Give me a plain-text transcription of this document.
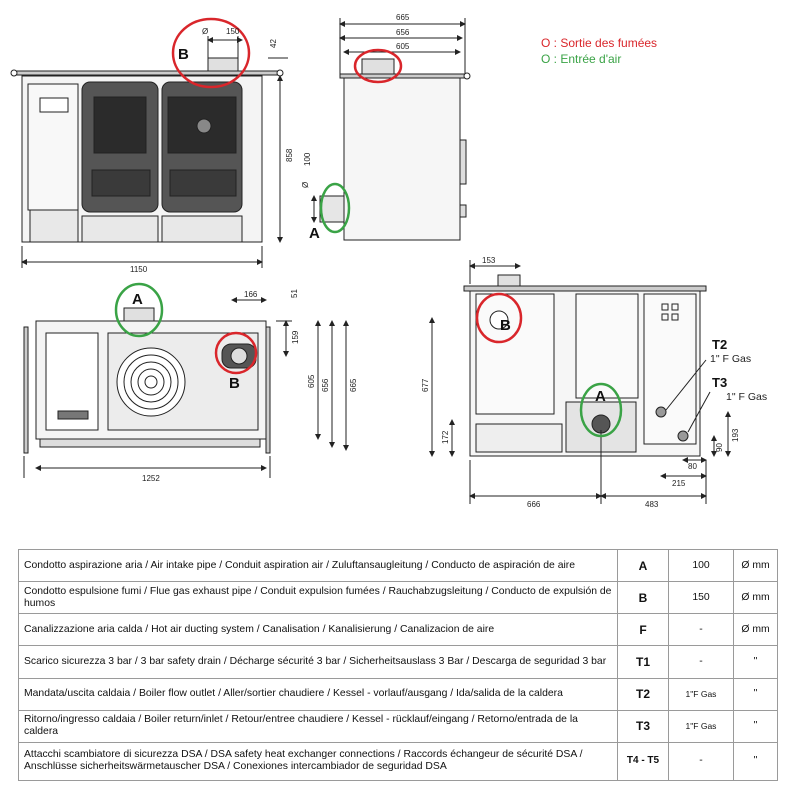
Ø 150
42
858
1150
B
665
656
605
Ø
100
A
O : Sortie des fumées
O : Entrée d'air
166	51
159
605 656 665
1252
A
B
153
677
172
666	483
215
80
90
193
B
A
T2
1" F Gas
T3
1" F Gas
Condotto aspirazione aria / Air intake pipe / Conduit aspiration air / Zuluftansaugleitung / Conducto de aspiración de aire	A	100	Ø mm
Condotto espulsione fumi / Flue gas exhaust pipe / Conduit expulsion fumées / Rauchabzugsleitung / Conducto de expulsión de humos	B	150	Ø mm
Canalizzazione aria calda / Hot air ducting system / Canalisation / Kanalisierung / Canalizacion de aire	F	-	Ø mm
Scarico sicurezza 3 bar / 3 bar safety drain / Décharge sécurité 3 bar / Sicherheitsauslass 3 Bar / Descarga de seguridad 3 bar	T1	-	"
Mandata/uscita caldaia / Boiler flow outlet / Aller/sortier chaudiere / Kessel - vorlauf/ausgang / Ida/salida de la caldera	T2	1"F Gas	"
Ritorno/ingresso caldaia / Boiler return/inlet / Retour/entree chaudiere / Kessel - rücklauf/eingang / Retorno/entrada de la caldera	T3	1"F Gas	"
Attacchi scambiatore di sicurezza DSA / DSA safety heat exchanger connections / Raccords échangeur de sécurité DSA / Anschlüsse sicherheitswärmetauscher DSA / Conexiones intercambiador de seguridad DSA	T4 - T5	-	"
